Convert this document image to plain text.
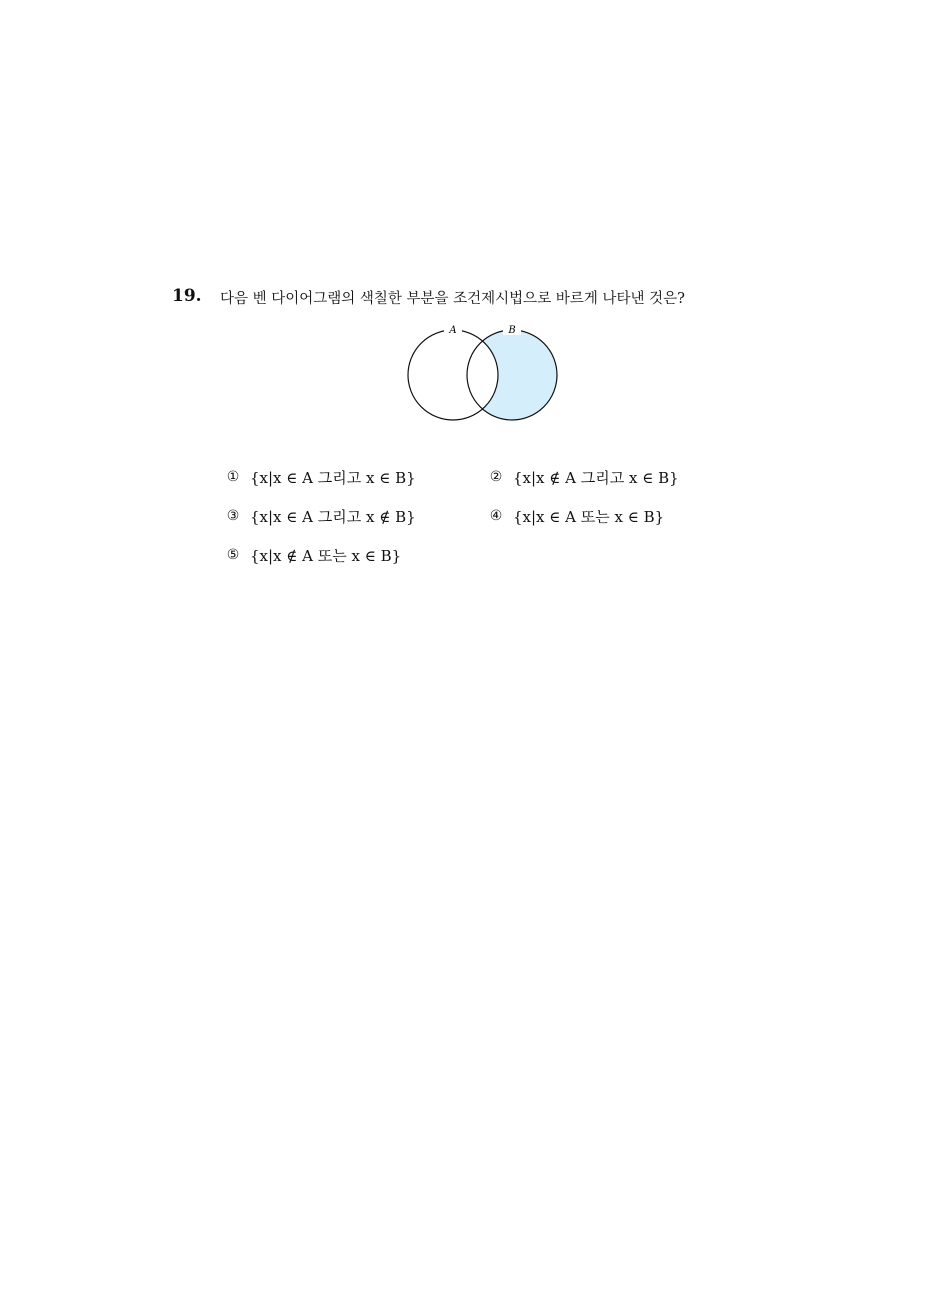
19. 다음 벤 다이어그램의 색칠한 부분을 조건제시법으로 바르게 나타낸 것은?
A	B
① {x|x ∈ A 그리고 x ∈ B}	② {x|x ∉ A 그리고 x ∈ B}
③ {x|x ∈ A 그리고 x ∉ B}	④ {x|x ∈ A 또는 x ∈ B}
⑤ {x|x ∉ A 또는 x ∈ B}
